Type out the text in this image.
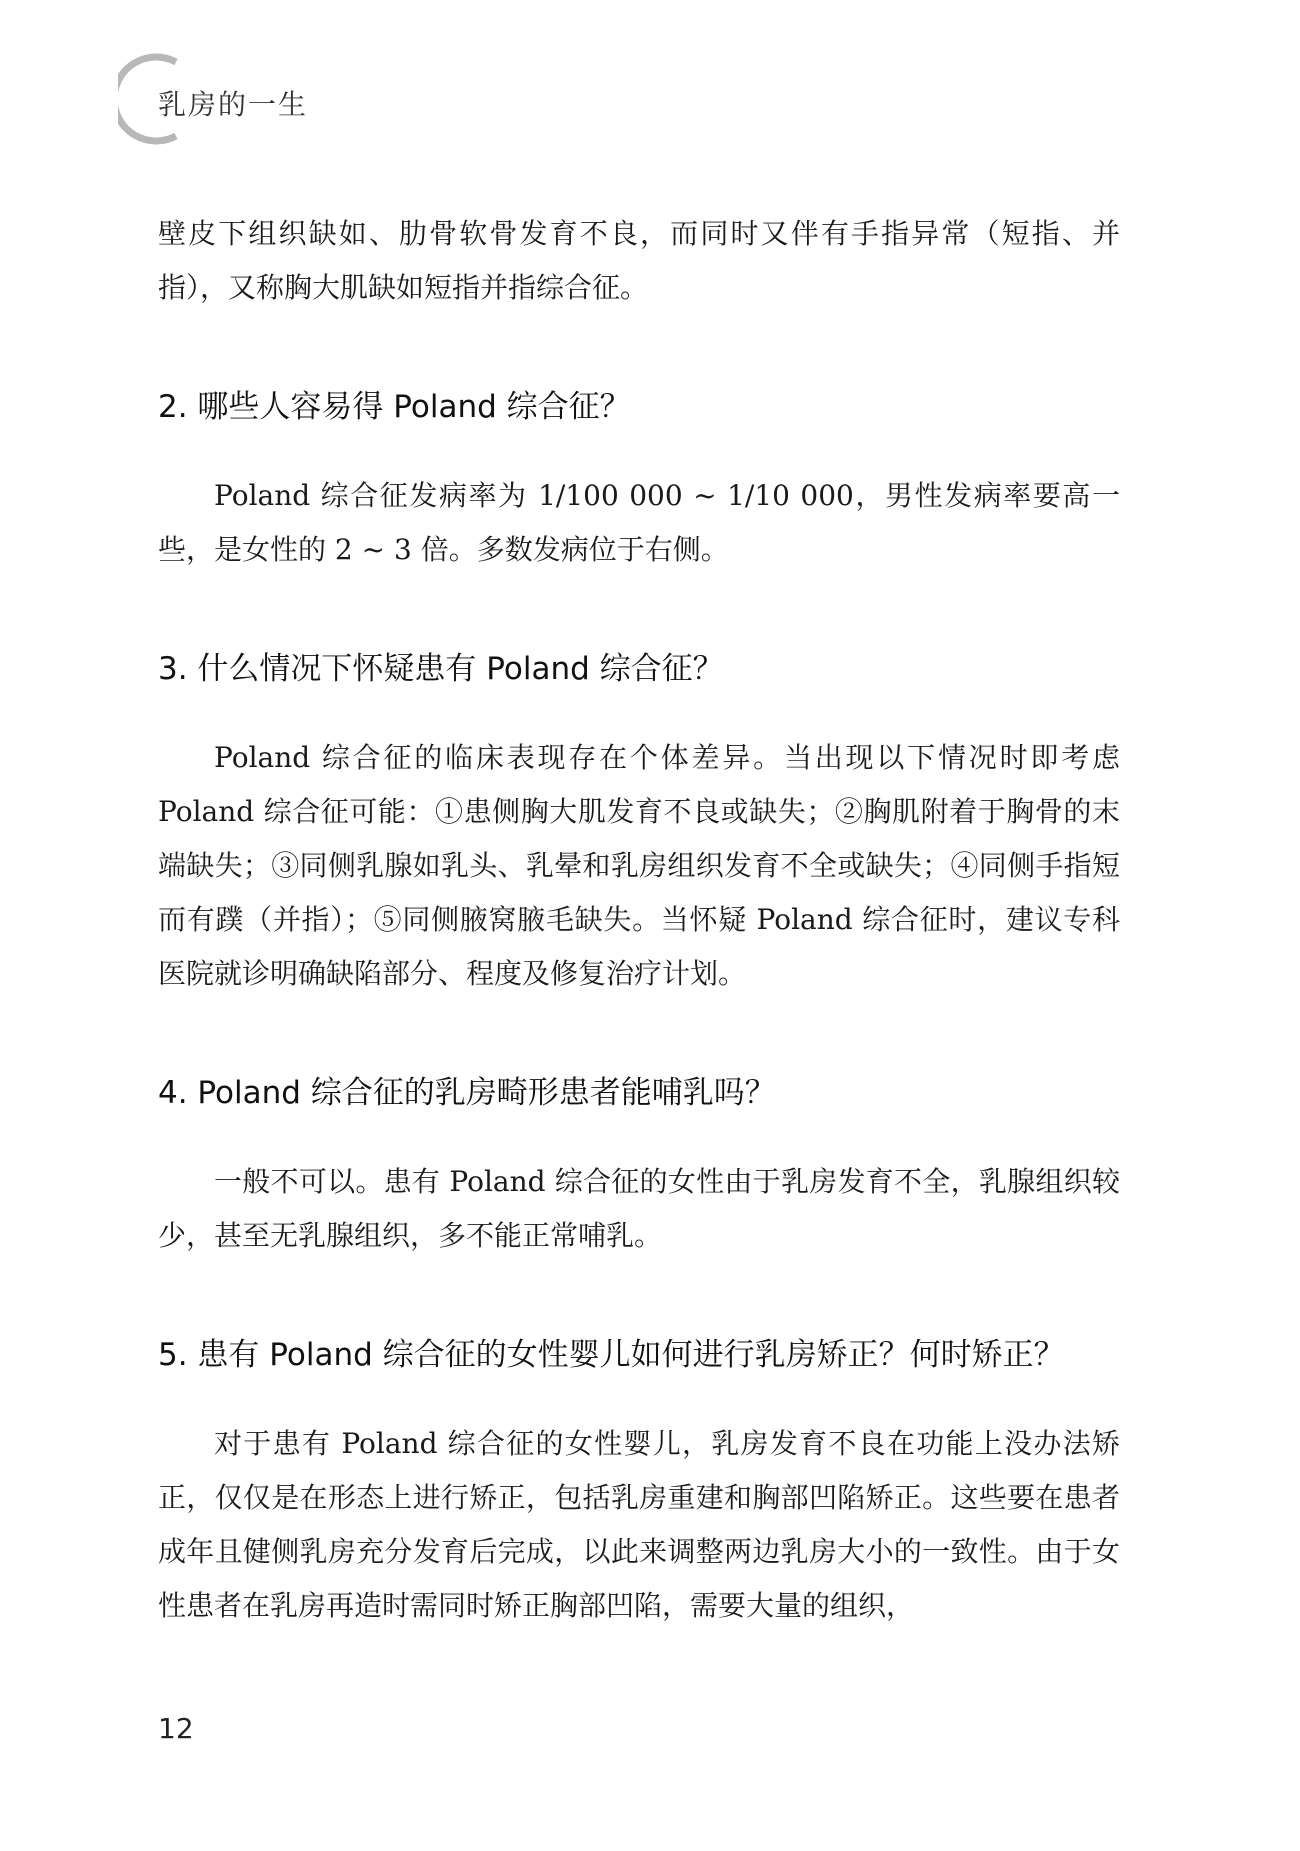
乳房的一生

壁皮下组织缺如、肋骨软骨发育不良，而同时又伴有手指异常（短指、并指），又称胸大肌缺如短指并指综合征。

2. 哪些人容易得 Poland 综合征？

Poland 综合征发病率为 1/100 000 ~ 1/10 000，男性发病率要高一些，是女性的 2 ~ 3 倍。多数发病位于右侧。

3. 什么情况下怀疑患有 Poland 综合征？

Poland 综合征的临床表现存在个体差异。当出现以下情况时即考虑 Poland 综合征可能：①患侧胸大肌发育不良或缺失；②胸肌附着于胸骨的末端缺失；③同侧乳腺如乳头、乳晕和乳房组织发育不全或缺失；④同侧手指短而有蹼（并指）；⑤同侧腋窝腋毛缺失。当怀疑 Poland 综合征时，建议专科医院就诊明确缺陷部分、程度及修复治疗计划。

4. Poland 综合征的乳房畸形患者能哺乳吗？

一般不可以。患有 Poland 综合征的女性由于乳房发育不全，乳腺组织较少，甚至无乳腺组织，多不能正常哺乳。

5. 患有 Poland 综合征的女性婴儿如何进行乳房矫正？何时矫正？

对于患有 Poland 综合征的女性婴儿，乳房发育不良在功能上没办法矫正，仅仅是在形态上进行矫正，包括乳房重建和胸部凹陷矫正。这些要在患者成年且健侧乳房充分发育后完成，以此来调整两边乳房大小的一致性。由于女性患者在乳房再造时需同时矫正胸部凹陷，需要大量的组织，

12
